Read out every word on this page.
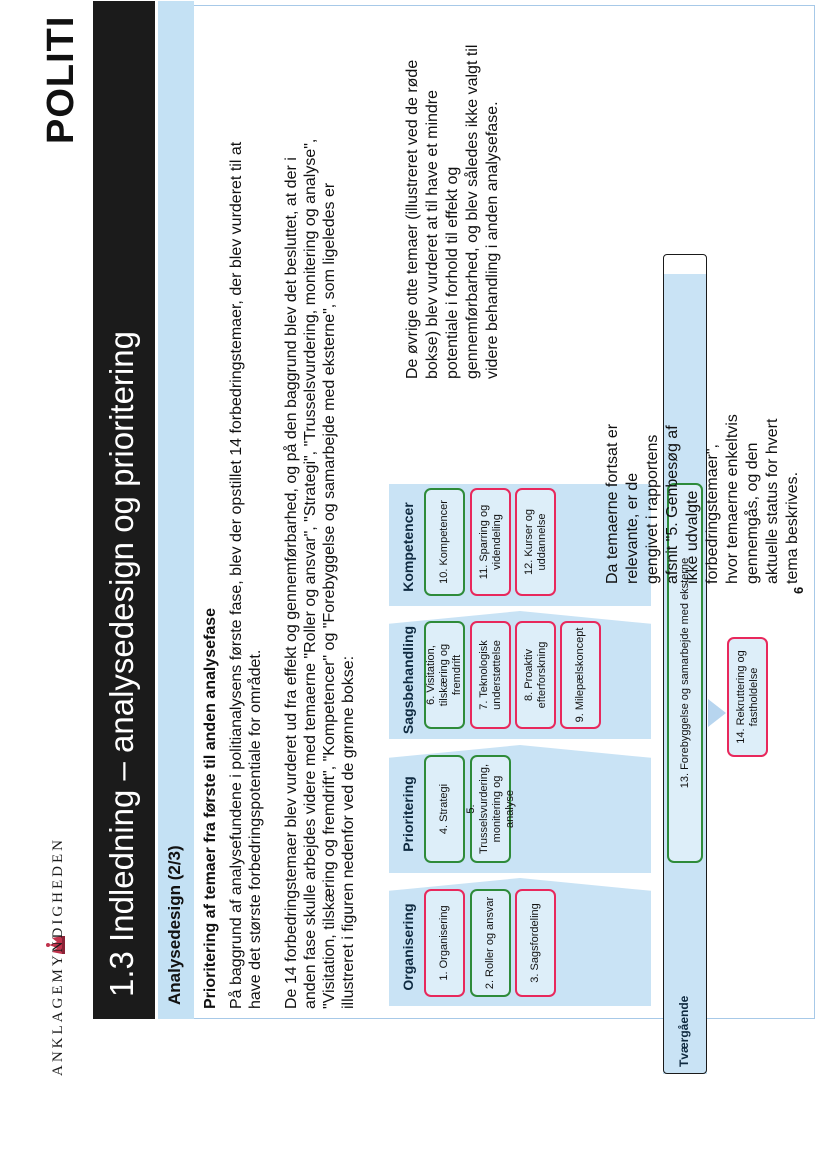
ANKLAGEMYNDIGHEDEN
POLITI
1.3 Indledning – analysedesign og prioritering Analysedesign (2/3) Prioritering af temaer fra første til anden analysefase På baggrund af analysefundene i politianalysens første fase, blev der opstillet 14 forbedringstemaer, der blev vurderet til at have det største forbedringspotentiale for området. De 14 forbedringstemaer blev vurderet ud fra effekt og gennemførbarhed, og på den baggrund blev det besluttet, at der i anden fase skulle arbejdes videre med temaerne "Roller og ansvar", "Strategi", "Trusselsvurdering, monitering og analyse", "Visitation, tilskæring og fremdrift", "Kompetencer" og "Forebyggelse og samarbejde med eksterne", som ligeledes er illustreret i figuren nedenfor ved de grønne bokse:	Organisering
Prioritering
Sagsbehandling
Kompetencer
1. Organisering	2. Roller og ansvar	3. Sagsfordeling
4. Strategi	5. Trusselsvurdering, monitering og analyse
6. Visitation, tilskæring og fremdrift	7. Teknologisk understøttelse	8. Proaktiv efterforskning	9. Milepælskoncept
10. Kompetencer	11. Sparring og videndeling	12. Kurser og uddannelse
Tværgående
13. Forebyggelse og samarbejde med eksterne	14. Rekruttering og fastholdelse
Da temaerne fortsat er relevante, er de gengivet i rapportens afsnit "5. Genbesøg af ikke udvalgte forbedringstemaer", hvor temaerne enkeltvis gennemgås, og den aktuelle status for hvert tema beskrives.
De øvrige otte temaer (illustreret ved de røde bokse) blev vurderet at til have et mindre potentiale i forhold til effekt og gennemførbarhed, og blev således ikke valgt til videre behandling i anden analysefase.
6
